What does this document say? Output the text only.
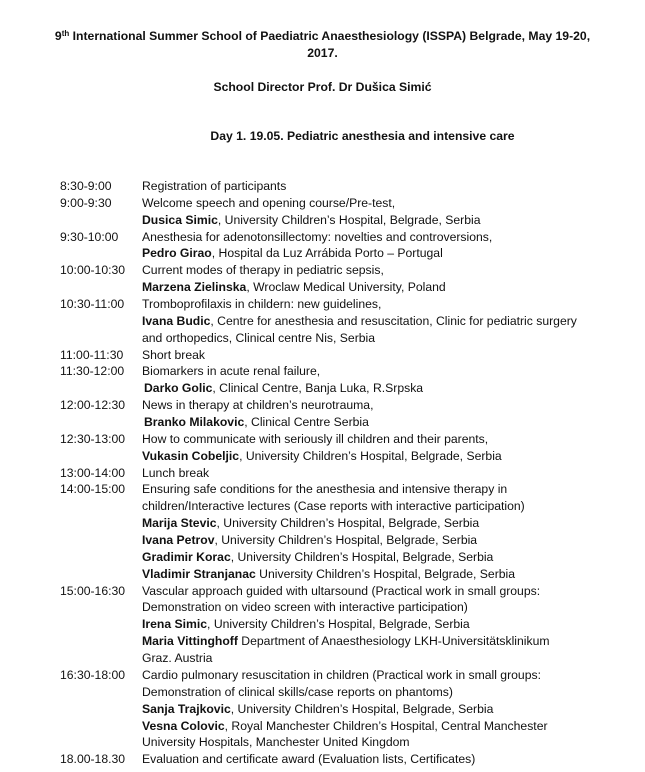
9th International Summer School of Paediatric Anaesthesiology (ISSPA) Belgrade, May 19-20,
2017.
School Director Prof. Dr Dušica Simić
Day 1. 19.05. Pediatric anesthesia and intensive care
8:30-9:00	Registration of participants
9:00-9:30	Welcome speech and opening course/Pre-test,
Dusica Simic, University Children’s Hospital, Belgrade, Serbia
9:30-10:00	Anesthesia for adenotonsillectomy: novelties and controversions,
Pedro Girao, Hospital da Luz Arrábida Porto – Portugal
10:00-10:30	Current modes of therapy in pediatric sepsis,
Marzena Zielinska, Wroclaw Medical University, Poland
10:30-11:00	Tromboprofilaxis in childern: new guidelines,
Ivana Budic, Centre for anesthesia and resuscitation, Clinic for pediatric surgery
and orthopedics, Clinical centre Nis, Serbia
11:00-11:30	Short break
11:30-12:00	Biomarkers in acute renal failure,
Darko Golic, Clinical Centre, Banja Luka, R.Srpska
12:00-12:30	News in therapy at children’s neurotrauma,
Branko Milakovic, Clinical Centre Serbia
12:30-13:00	How to communicate with seriously ill children and their parents,
Vukasin Cobeljic, University Children’s Hospital, Belgrade, Serbia
13:00-14:00	Lunch break
14:00-15:00	Ensuring safe conditions for the anesthesia and intensive therapy in
children/Interactive lectures (Case reports with interactive participation)
Marija Stevic, University Children’s Hospital, Belgrade, Serbia
Ivana Petrov, University Children’s Hospital, Belgrade, Serbia
Gradimir Korac, University Children’s Hospital, Belgrade, Serbia
Vladimir Stranjanac University Children’s Hospital, Belgrade, Serbia
15:00-16:30	Vascular approach guided with ultarsound (Practical work in small groups:
Demonstration on video screen with interactive participation)
Irena Simic, University Children’s Hospital, Belgrade, Serbia
Maria Vittinghoff Department of Anaesthesiology LKH-Universitätsklinikum
Graz. Austria
16:30-18:00	Cardio pulmonary resuscitation in children (Practical work in small groups:
Demonstration of clinical skills/case reports on phantoms)
Sanja Trajkovic, University Children’s Hospital, Belgrade, Serbia
Vesna Colovic, Royal Manchester Children’s Hospital, Central Manchester
University Hospitals, Manchester United Kingdom
18.00-18.30	Evaluation and certificate award (Evaluation lists, Certificates)
